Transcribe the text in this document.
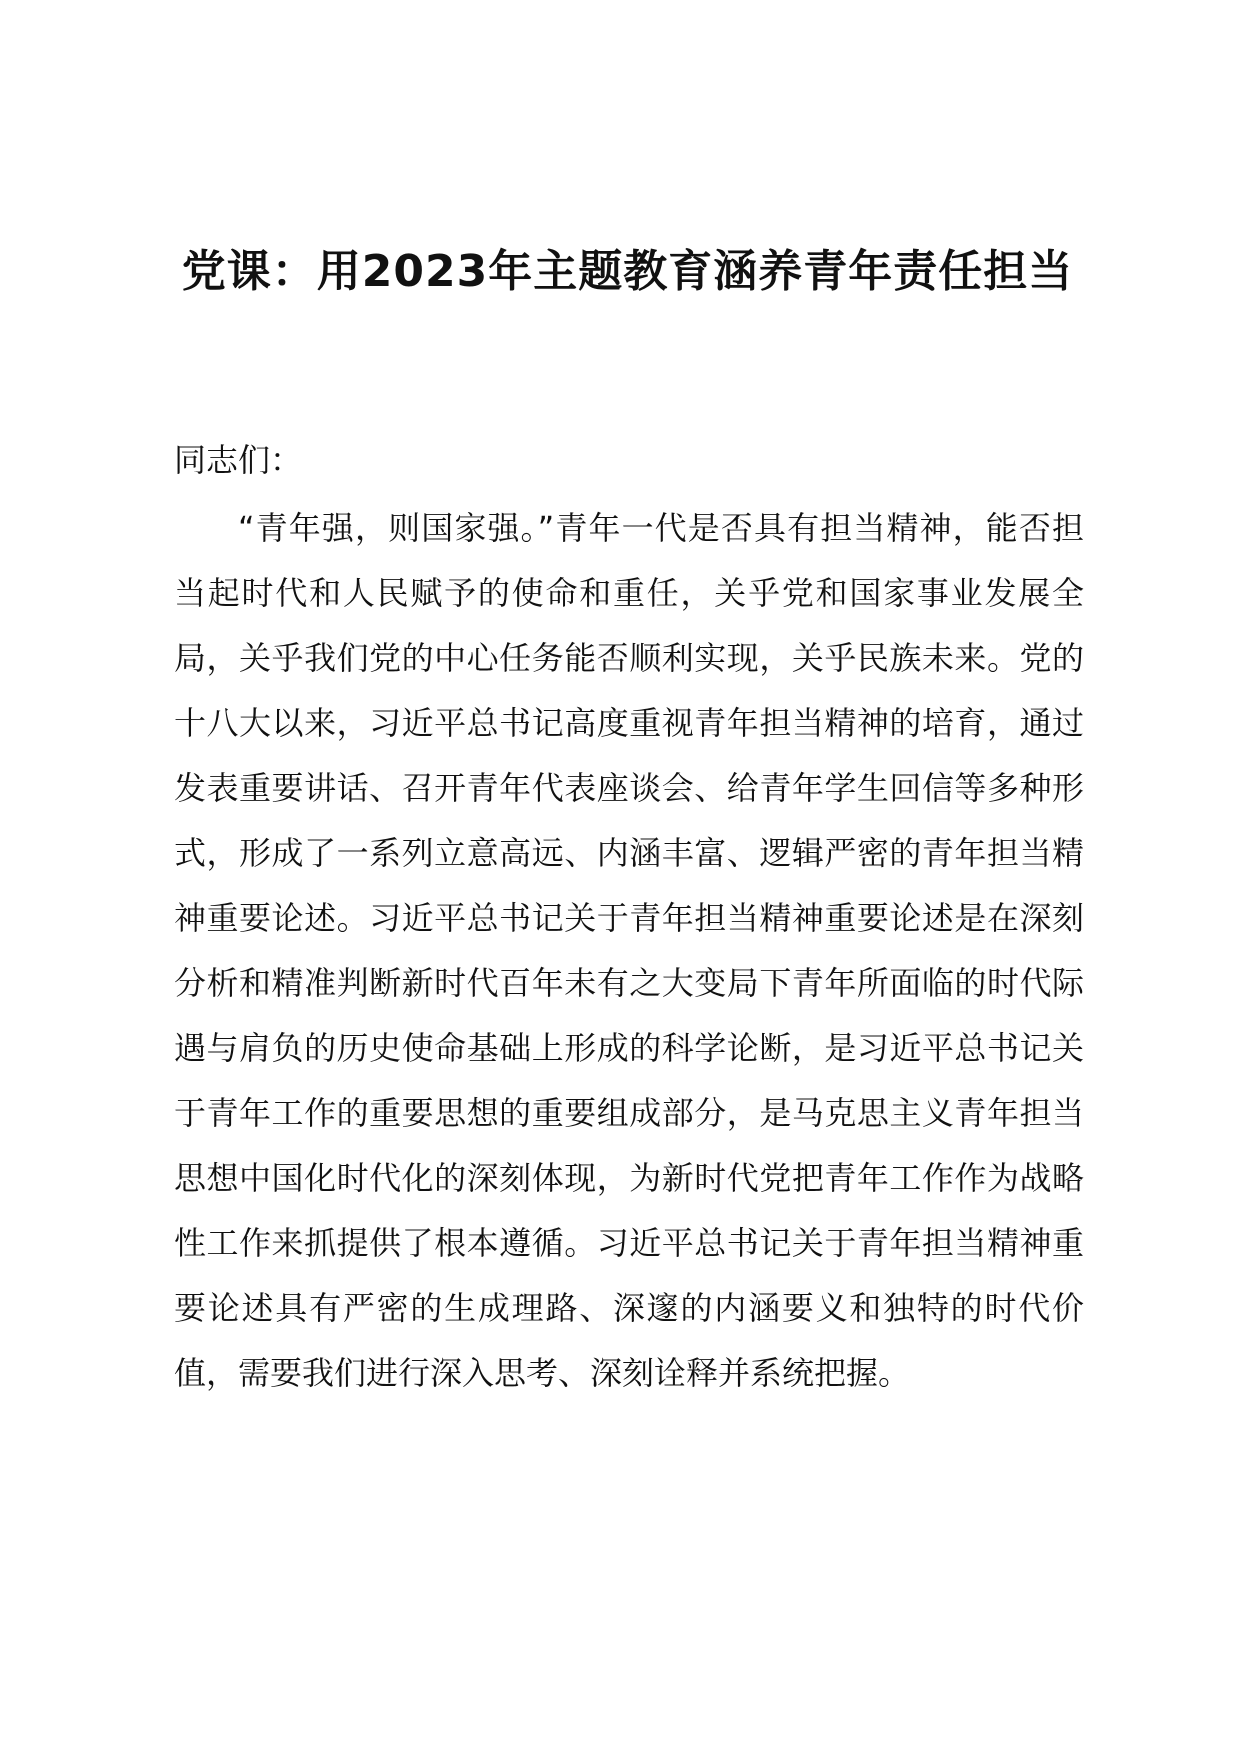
党课：用2023年主题教育涵养青年责任担当

同志们：

“青年强，则国家强。”青年一代是否具有担当精神，能否担当起时代和人民赋予的使命和重任，关乎党和国家事业发展全局，关乎我们党的中心任务能否顺利实现，关乎民族未来。党的十八大以来，习近平总书记高度重视青年担当精神的培育，通过发表重要讲话、召开青年代表座谈会、给青年学生回信等多种形式，形成了一系列立意高远、内涵丰富、逻辑严密的青年担当精神重要论述。习近平总书记关于青年担当精神重要论述是在深刻分析和精准判断新时代百年未有之大变局下青年所面临的时代际遇与肩负的历史使命基础上形成的科学论断，是习近平总书记关于青年工作的重要思想的重要组成部分，是马克思主义青年担当思想中国化时代化的深刻体现，为新时代党把青年工作作为战略性工作来抓提供了根本遵循。习近平总书记关于青年担当精神重要论述具有严密的生成理路、深邃的内涵要义和独特的时代价值，需要我们进行深入思考、深刻诠释并系统把握。
